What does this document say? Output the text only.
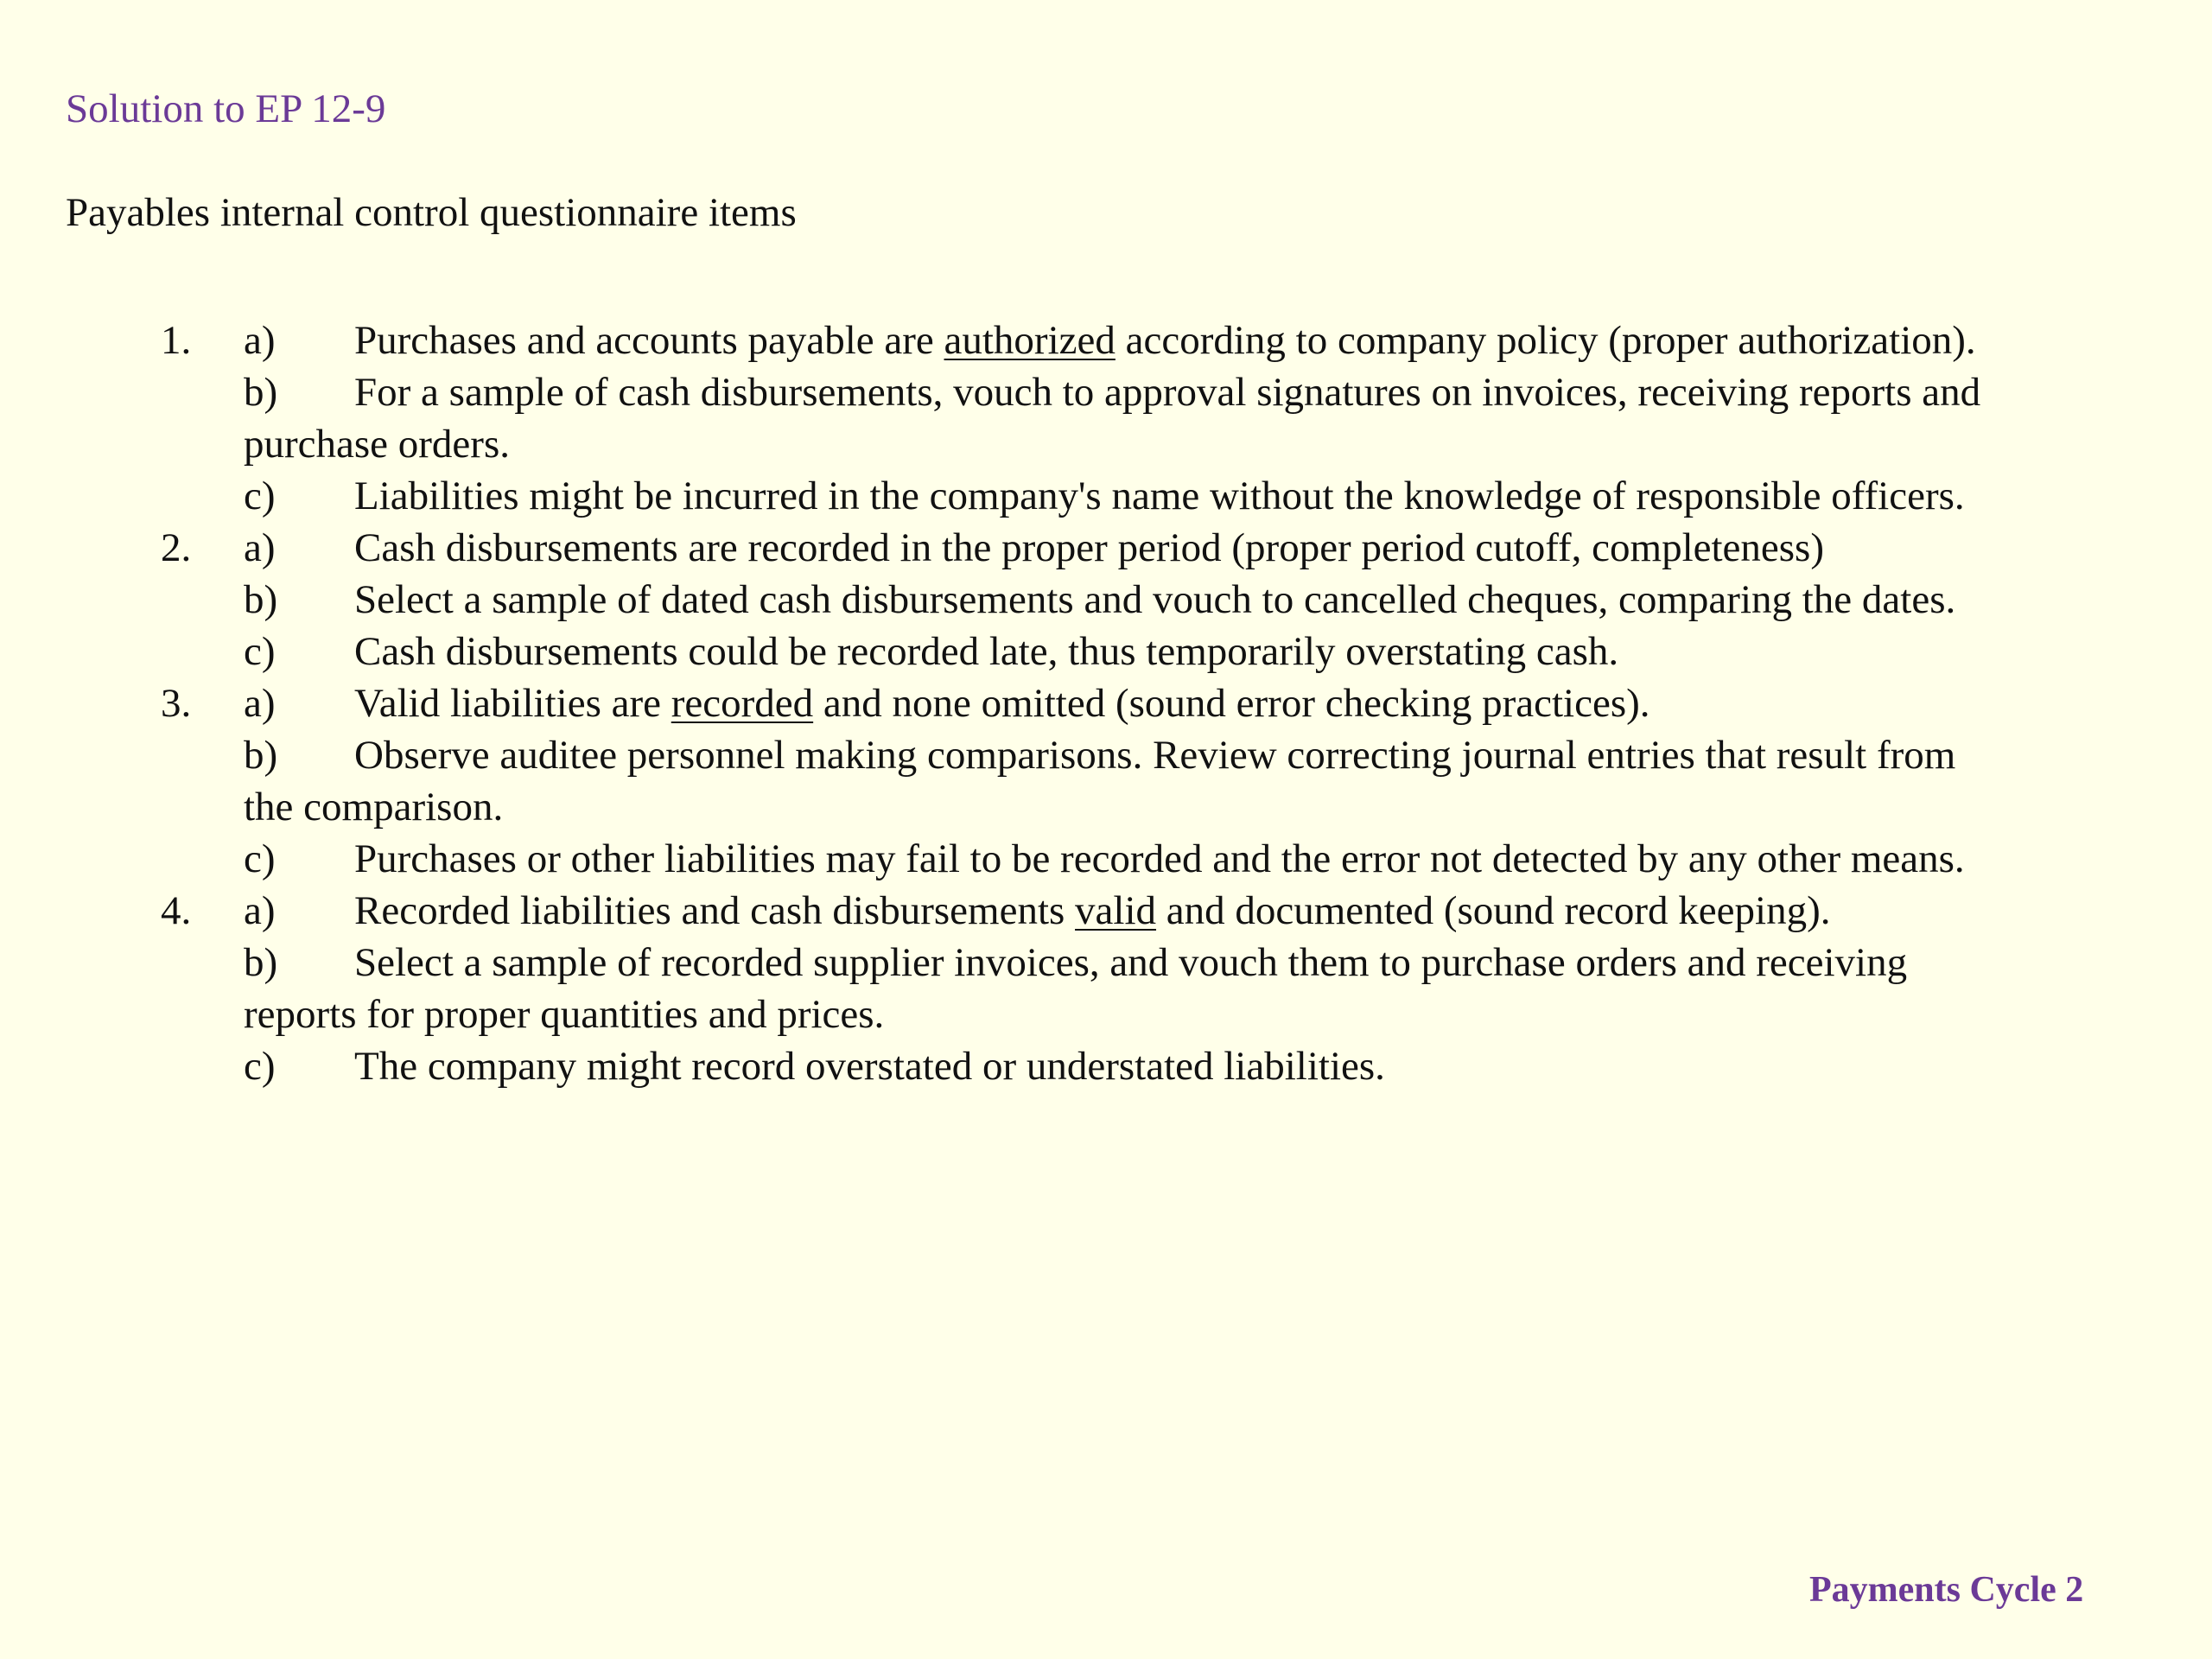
Solution to EP 12-9
Payables internal control questionnaire items
1. a) Purchases and accounts payable are authorized according to company policy (proper authorization).
b) For a sample of cash disbursements, vouch to approval signatures on invoices, receiving reports and
purchase orders.
c) Liabilities might be incurred in the company's name without the knowledge of responsible officers.
2. a) Cash disbursements are recorded in the proper period (proper period cutoff, completeness)
b) Select a sample of dated cash disbursements and vouch to cancelled cheques, comparing the dates.
c) Cash disbursements could be recorded late, thus temporarily overstating cash.
3. a) Valid liabilities are recorded and none omitted (sound error checking practices).
b) Observe auditee personnel making comparisons. Review correcting journal entries that result from
the comparison.
c) Purchases or other liabilities may fail to be recorded and the error not detected by any other means.
4. a) Recorded liabilities and cash disbursements valid and documented (sound record keeping).
b) Select a sample of recorded supplier invoices, and vouch them to purchase orders and receiving
reports for proper quantities and prices.
c) The company might record overstated or understated liabilities.
Payments Cycle 2
